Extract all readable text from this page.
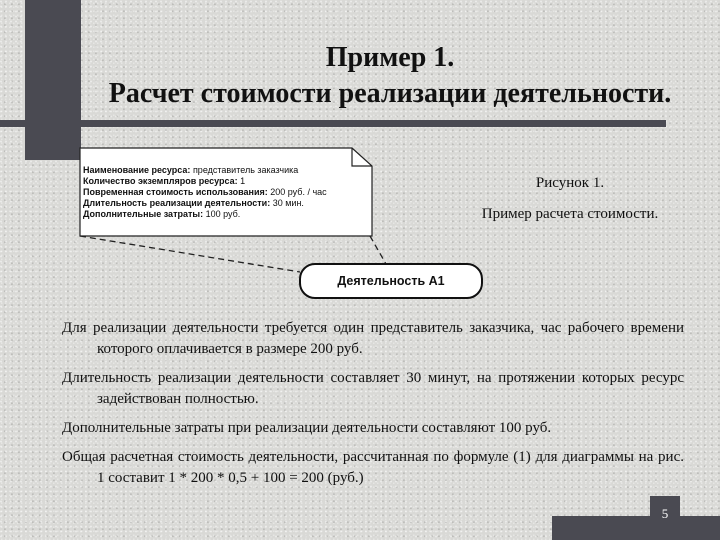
Пример 1.
Расчет стоимости реализации деятельности.
Наименование ресурса: представитель заказчика
Количество экземпляров ресурса: 1
Повременная стоимость использования: 200 руб. / час
Длительность реализации деятельности: 30 мин.
Дополнительные затраты: 100 руб.
Деятельность А1
Рисунок 1.
Пример расчета стоимости.

Для реализации деятельности требуется один представитель заказчика, час рабочего времени которого оплачивается в размере 200 руб.

Длительность реализации деятельности составляет 30 минут, на протяжении которых ресурс задействован полностью.

Дополнительные затраты при реализации деятельности составляют 100 руб.

Общая расчетная стоимость деятельности, рассчитанная по формуле (1) для диаграммы на рис. 1 составит 1 * 200 * 0,5 + 100 = 200 (руб.)

5
